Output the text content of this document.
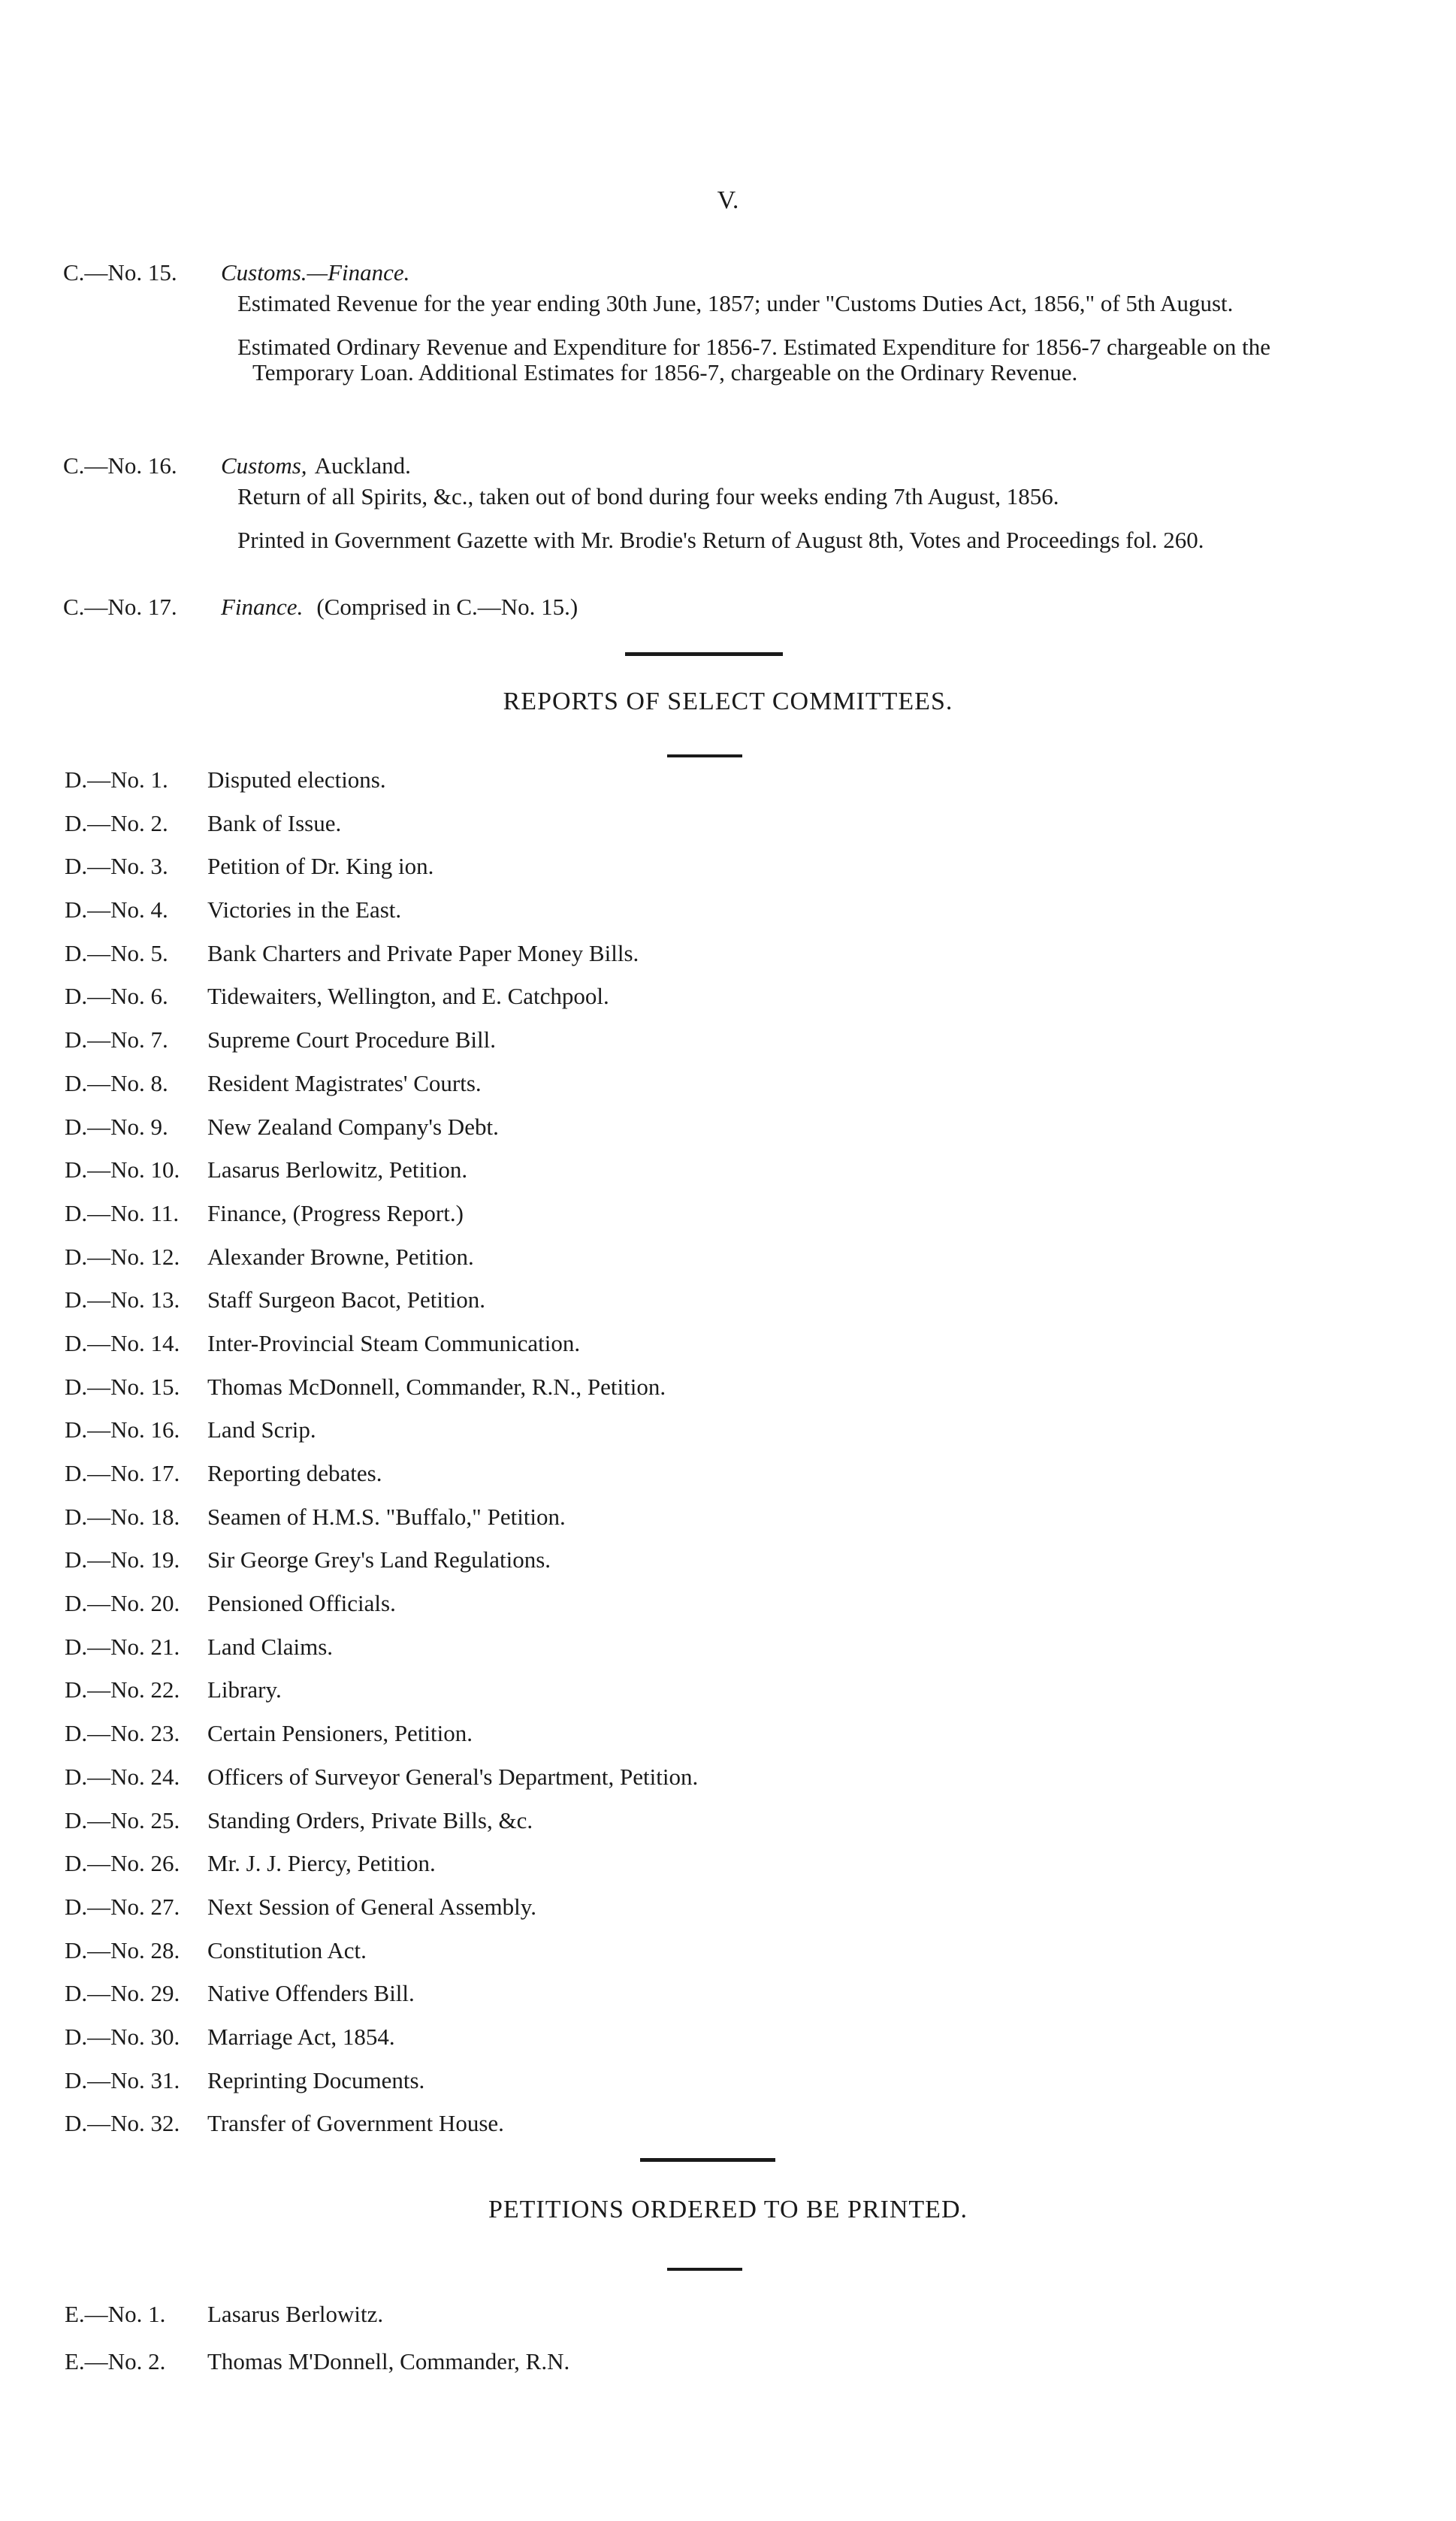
V.
C.—No. 15.	Customs.—Finance.
Estimated Revenue for the year ending 30th June, 1857; under "Customs Duties Act, 1856," of 5th August.
Estimated Ordinary Revenue and Expenditure for 1856-7. Estimated Expenditure for 1856-7 chargeable on the Temporary Loan. Additional Estimates for 1856-7, chargeable on the Ordinary Revenue.
C.—No. 16.	Customs, Auckland.
Return of all Spirits, &c., taken out of bond during four weeks ending 7th August, 1856.
Printed in Government Gazette with Mr. Brodie's Return of August 8th, Votes and Proceedings fol. 260.
C.—No. 17.	Finance. (Comprised in C.—No. 15.)
REPORTS OF SELECT COMMITTEES.
D.—No. 1.	Disputed elections.
D.—No. 2.	Bank of Issue.
D.—No. 3.	Petition of Dr. King ion.
D.—No. 4.	Victories in the East.
D.—No. 5.	Bank Charters and Private Paper Money Bills.
D.—No. 6.	Tidewaiters, Wellington, and E. Catchpool.
D.—No. 7.	Supreme Court Procedure Bill.
D.—No. 8.	Resident Magistrates' Courts.
D.—No. 9.	New Zealand Company's Debt.
D.—No. 10.	Lasarus Berlowitz, Petition.
D.—No. 11.	Finance, (Progress Report.)
D.—No. 12.	Alexander Browne, Petition.
D.—No. 13.	Staff Surgeon Bacot, Petition.
D.—No. 14.	Inter-Provincial Steam Communication.
D.—No. 15.	Thomas McDonnell, Commander, R.N., Petition.
D.—No. 16.	Land Scrip.
D.—No. 17.	Reporting debates.
D.—No. 18.	Seamen of H.M.S. "Buffalo," Petition.
D.—No. 19.	Sir George Grey's Land Regulations.
D.—No. 20.	Pensioned Officials.
D.—No. 21.	Land Claims.
D.—No. 22.	Library.
D.—No. 23.	Certain Pensioners, Petition.
D.—No. 24.	Officers of Surveyor General's Department, Petition.
D.—No. 25.	Standing Orders, Private Bills, &c.
D.—No. 26.	Mr. J. J. Piercy, Petition.
D.—No. 27.	Next Session of General Assembly.
D.—No. 28.	Constitution Act.
D.—No. 29.	Native Offenders Bill.
D.—No. 30.	Marriage Act, 1854.
D.—No. 31.	Reprinting Documents.
D.—No. 32.	Transfer of Government House.
PETITIONS ORDERED TO BE PRINTED.
E.—No. 1.	Lasarus Berlowitz.
E.—No. 2.	Thomas M'Donnell, Commander, R.N.
